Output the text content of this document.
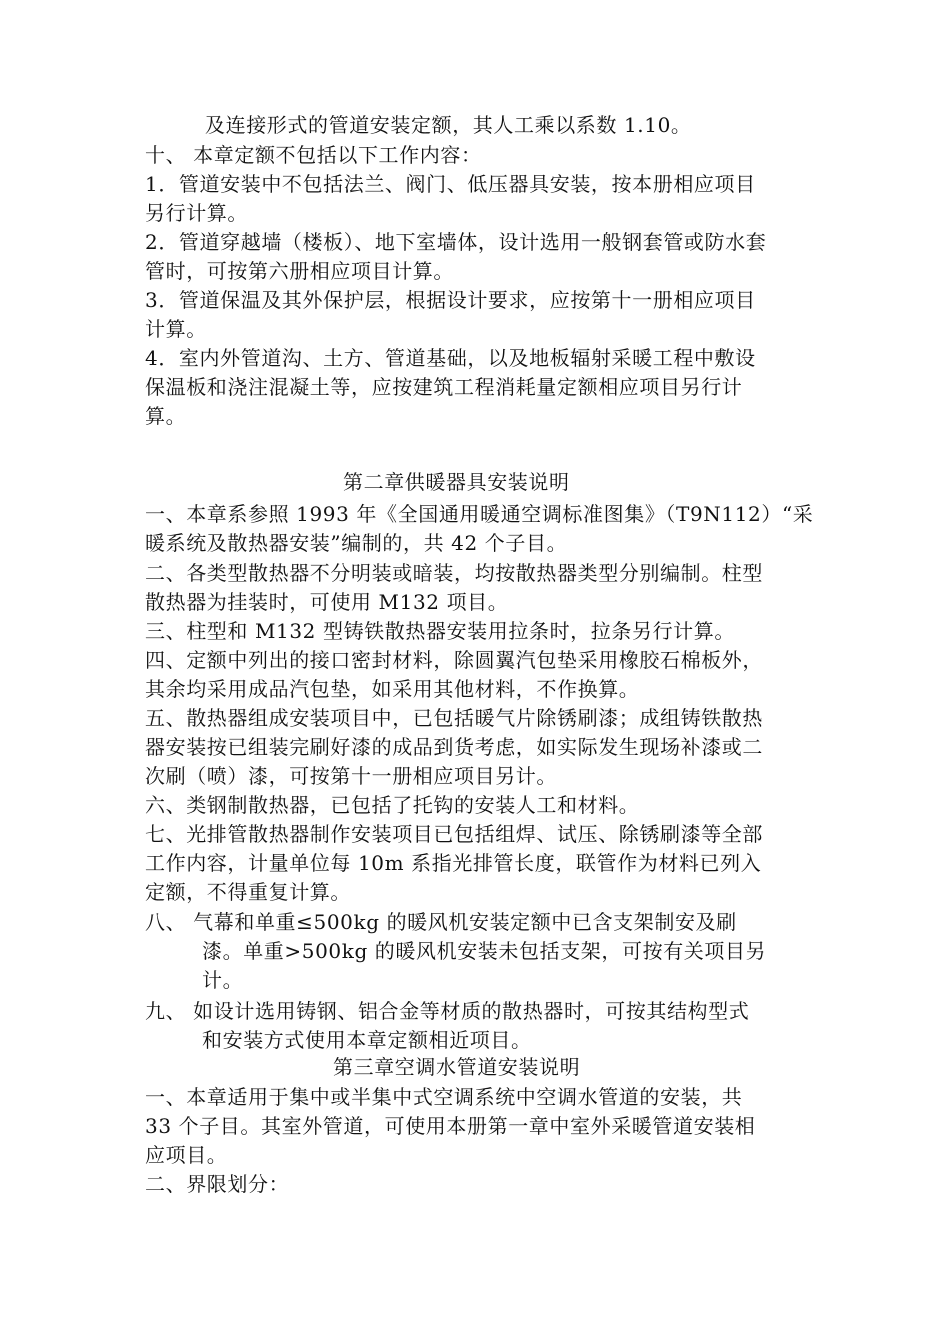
及连接形式的管道安装定额，其人工乘以系数 1.10。
十、 本章定额不包括以下工作内容：
1．管道安装中不包括法兰、阀门、低压器具安装，按本册相应项目
另行计算。
2．管道穿越墙（楼板）、地下室墙体，设计选用一般钢套管或防水套
管时，可按第六册相应项目计算。
3．管道保温及其外保护层，根据设计要求，应按第十一册相应项目
计算。
4．室内外管道沟、土方、管道基础，以及地板辐射采暖工程中敷设
保温板和浇注混凝土等，应按建筑工程消耗量定额相应项目另行计
算。
第二章供暖器具安装说明
一、本章系参照 1993 年《全国通用暖通空调标准图集》（T9N112）“采
暖系统及散热器安装”编制的，共 42 个子目。
二、各类型散热器不分明装或暗装，均按散热器类型分别编制。柱型
散热器为挂装时，可使用 M132 项目。
三、柱型和 M132 型铸铁散热器安装用拉条时，拉条另行计算。
四、定额中列出的接口密封材料，除圆翼汽包垫采用橡胶石棉板外，
其余均采用成品汽包垫，如采用其他材料，不作换算。
五、散热器组成安装项目中，已包括暖气片除锈刷漆；成组铸铁散热
器安装按已组装完刷好漆的成品到货考虑，如实际发生现场补漆或二
次刷（喷）漆，可按第十一册相应项目另计。
六、类钢制散热器，已包括了托钩的安装人工和材料。
七、光排管散热器制作安装项目已包括组焊、试压、除锈刷漆等全部
工作内容，计量单位每 10m 系指光排管长度，联管作为材料已列入
定额，不得重复计算。
八、 气幕和单重≤500kg 的暖风机安装定额中已含支架制安及刷
漆。单重>500kg 的暖风机安装未包括支架，可按有关项目另
计。
九、 如设计选用铸钢、铝合金等材质的散热器时，可按其结构型式
和安装方式使用本章定额相近项目。
第三章空调水管道安装说明
一、本章适用于集中或半集中式空调系统中空调水管道的安装，共
33 个子目。其室外管道，可使用本册第一章中室外采暖管道安装相
应项目。
二、界限划分：
